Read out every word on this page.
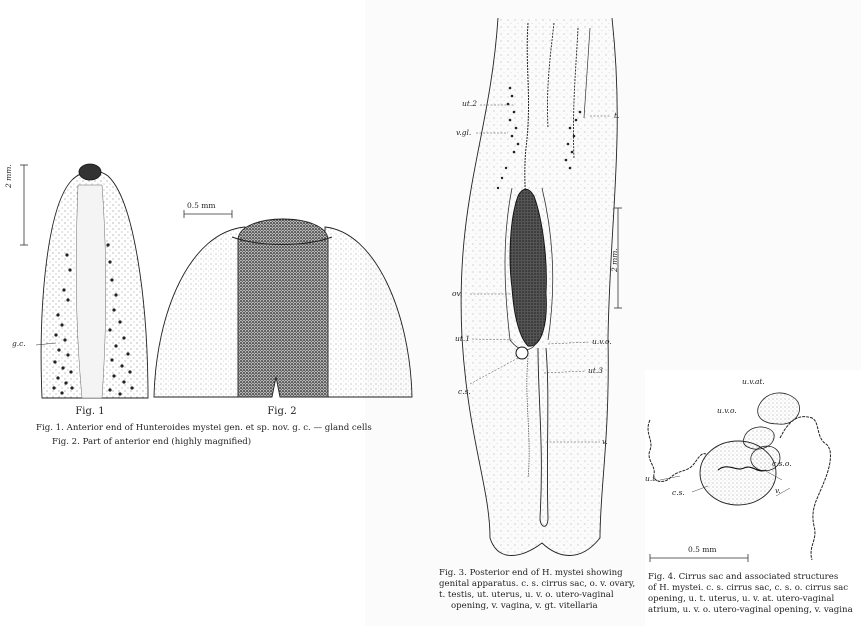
2 mm.
g.c.
Fig. 1
0.5 mm
Fig. 2
Fig. 1. Anterior end of Hunteroides mystei gen. et sp. nov. g. c. — gland cells
Fig. 2. Part of anterior end (highly magnified)
ut.2
v.gl.
t.
ov.
ut.1	u.v.o.
ut.3
c.s.
v.
2 mm.
Fig. 3. Posterior end of H. mystei showing
genital apparatus. c. s. cirrus sac, o. v. ovary,
t. testis, ut. uterus, u. v. o. utero-vaginal
opening, v. vagina, v. gt. vitellaria
u.v.at.
u.v.o.
c.s.o.
u.t.
c.s.	v.
0.5 mm
Fig. 4. Cirrus sac and associated structures
of H. mystei. c. s. cirrus sac, c. s. o. cirrus sac
opening, u. t. uterus, u. v. at. utero-vaginal
atrium, u. v. o. utero-vaginal opening, v. vagina
